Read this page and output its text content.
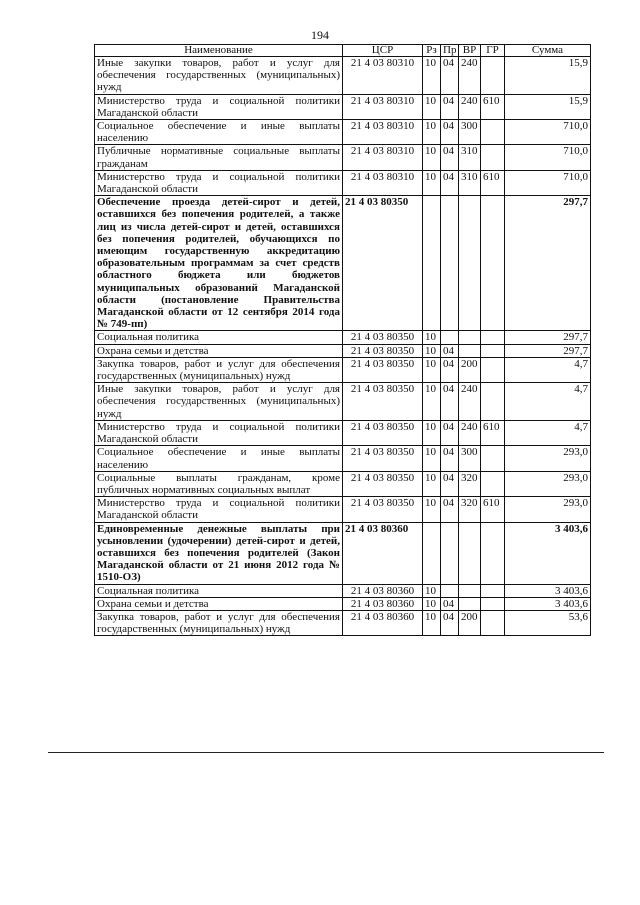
194
Наименование	ЦСР	Рз	Пр	ВР	ГР	Сумма
Иные закупки товаров, работ и услуг для обеспечения государственных (муниципальных) нужд	21 4 03 80310	10	04	240		15,9
Министерство труда и социальной политики Магаданской области	21 4 03 80310	10	04	240	610	15,9
Социальное обеспечение и иные выплаты населению	21 4 03 80310	10	04	300		710,0
Публичные нормативные социальные выплаты гражданам	21 4 03 80310	10	04	310		710,0
Министерство труда и социальной политики Магаданской области	21 4 03 80310	10	04	310	610	710,0
Обеспечение проезда детей-сирот и детей, оставшихся без попечения родителей, а также лиц из числа детей-сирот и детей, оставшихся без попечения родителей, обучающихся по имеющим государственную аккредитацию образовательным программам за счет средств областного бюджета или бюджетов муниципальных образований Магаданской области (постановление Правительства Магаданской области от 12 сентября 2014 года № 749-пп)	21 4 03 80350					297,7
Социальная политика	21 4 03 80350	10				297,7
Охрана семьи и детства	21 4 03 80350	10	04			297,7
Закупка товаров, работ и услуг для обеспечения государственных (муниципальных) нужд	21 4 03 80350	10	04	200		4,7
Иные закупки товаров, работ и услуг для обеспечения государственных (муниципальных) нужд	21 4 03 80350	10	04	240		4,7
Министерство труда и социальной политики Магаданской области	21 4 03 80350	10	04	240	610	4,7
Социальное обеспечение и иные выплаты населению	21 4 03 80350	10	04	300		293,0
Социальные выплаты гражданам, кроме публичных нормативных социальных выплат	21 4 03 80350	10	04	320		293,0
Министерство труда и социальной политики Магаданской области	21 4 03 80350	10	04	320	610	293,0
Единовременные денежные выплаты при усыновлении (удочерении) детей-сирот и детей, оставшихся без попечения родителей (Закон Магаданской области от 21 июня 2012 года № 1510-ОЗ)	21 4 03 80360					3 403,6
Социальная политика	21 4 03 80360	10				3 403,6
Охрана семьи и детства	21 4 03 80360	10	04			3 403,6
Закупка товаров, работ и услуг для обеспечения государственных (муниципальных) нужд	21 4 03 80360	10	04	200		53,6
